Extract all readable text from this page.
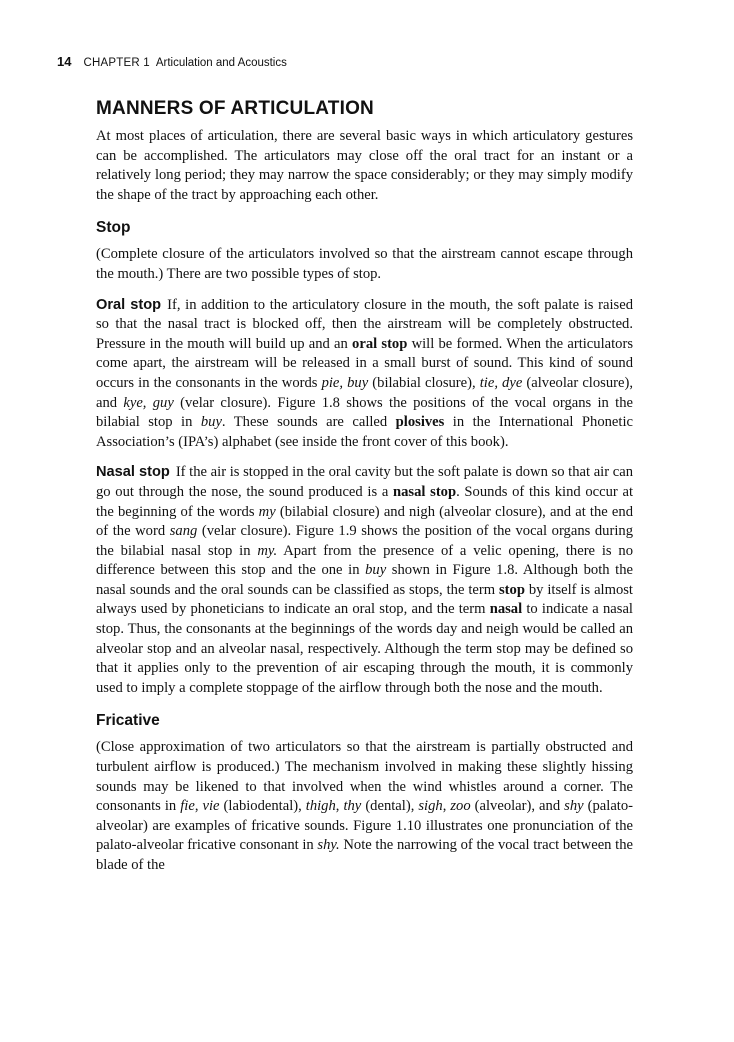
14 CHAPTER 1 Articulation and Acoustics
MANNERS OF ARTICULATION

At most places of articulation, there are several basic ways in which articulatory gestures can be accomplished. The articulators may close off the oral tract for an instant or a relatively long period; they may narrow the space considerably; or they may simply modify the shape of the tract by approaching each other.

Stop

(Complete closure of the articulators involved so that the airstream cannot escape through the mouth.) There are two possible types of stop.

Oral stop If, in addition to the articulatory closure in the mouth, the soft palate is raised so that the nasal tract is blocked off, then the airstream will be completely obstructed. Pressure in the mouth will build up and an oral stop will be formed. When the articulators come apart, the airstream will be released in a small burst of sound. This kind of sound occurs in the consonants in the words pie, buy (bilabial closure), tie, dye (alveolar closure), and kye, guy (velar closure). Figure 1.8 shows the positions of the vocal organs in the bilabial stop in buy. These sounds are called plosives in the International Phonetic Association’s (IPA’s) alphabet (see inside the front cover of this book).

Nasal stop If the air is stopped in the oral cavity but the soft palate is down so that air can go out through the nose, the sound produced is a nasal stop. Sounds of this kind occur at the beginning of the words my (bilabial closure) and nigh (alveolar closure), and at the end of the word sang (velar closure). Figure 1.9 shows the position of the vocal organs during the bilabial nasal stop in my. Apart from the presence of a velic opening, there is no difference between this stop and the one in buy shown in Figure 1.8. Although both the nasal sounds and the oral sounds can be classified as stops, the term stop by itself is almost always used by phoneticians to indicate an oral stop, and the term nasal to indicate a nasal stop. Thus, the consonants at the beginnings of the words day and neigh would be called an alveolar stop and an alveolar nasal, respectively. Although the term stop may be defined so that it applies only to the prevention of air escaping through the mouth, it is commonly used to imply a complete stoppage of the airflow through both the nose and the mouth.

Fricative

(Close approximation of two articulators so that the airstream is partially obstructed and turbulent airflow is produced.) The mechanism involved in making these slightly hissing sounds may be likened to that involved when the wind whistles around a corner. The consonants in fie, vie (labiodental), thigh, thy (dental), sigh, zoo (alveolar), and shy (palato-alveolar) are examples of fricative sounds. Figure 1.10 illustrates one pronunciation of the palato-alveolar fricative consonant in shy. Note the narrowing of the vocal tract between the blade of the
